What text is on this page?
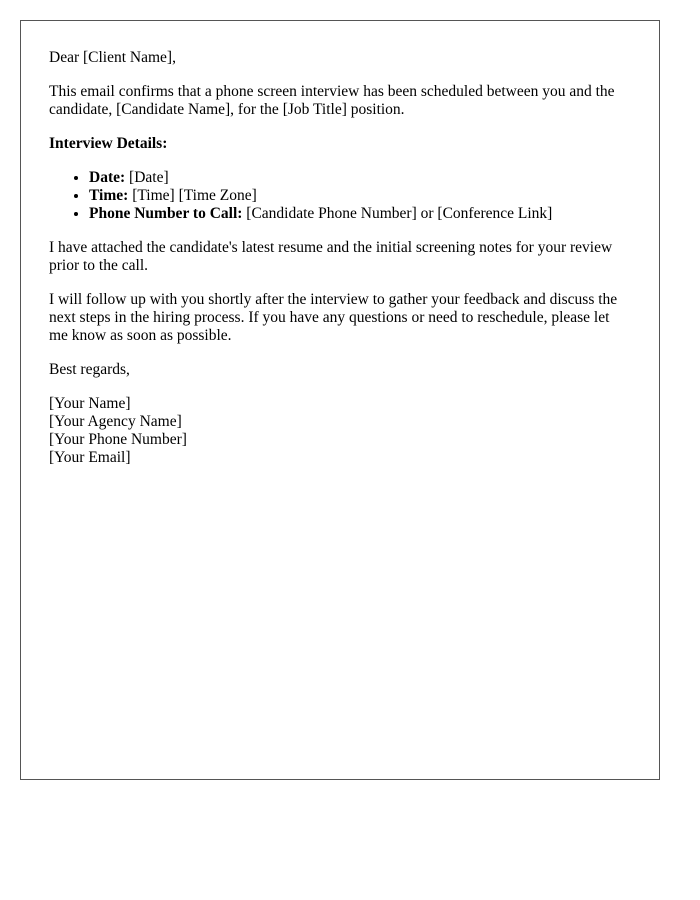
Dear [Client Name],

This email confirms that a phone screen interview has been scheduled between you and the candidate, [Candidate Name], for the [Job Title] position.

Interview Details:

• Date: [Date]
• Time: [Time] [Time Zone]
• Phone Number to Call: [Candidate Phone Number] or [Conference Link]

I have attached the candidate's latest resume and the initial screening notes for your review prior to the call.

I will follow up with you shortly after the interview to gather your feedback and discuss the next steps in the hiring process. If you have any questions or need to reschedule, please let me know as soon as possible.

Best regards,

[Your Name]

[Your Agency Name]

[Your Phone Number]

[Your Email]
